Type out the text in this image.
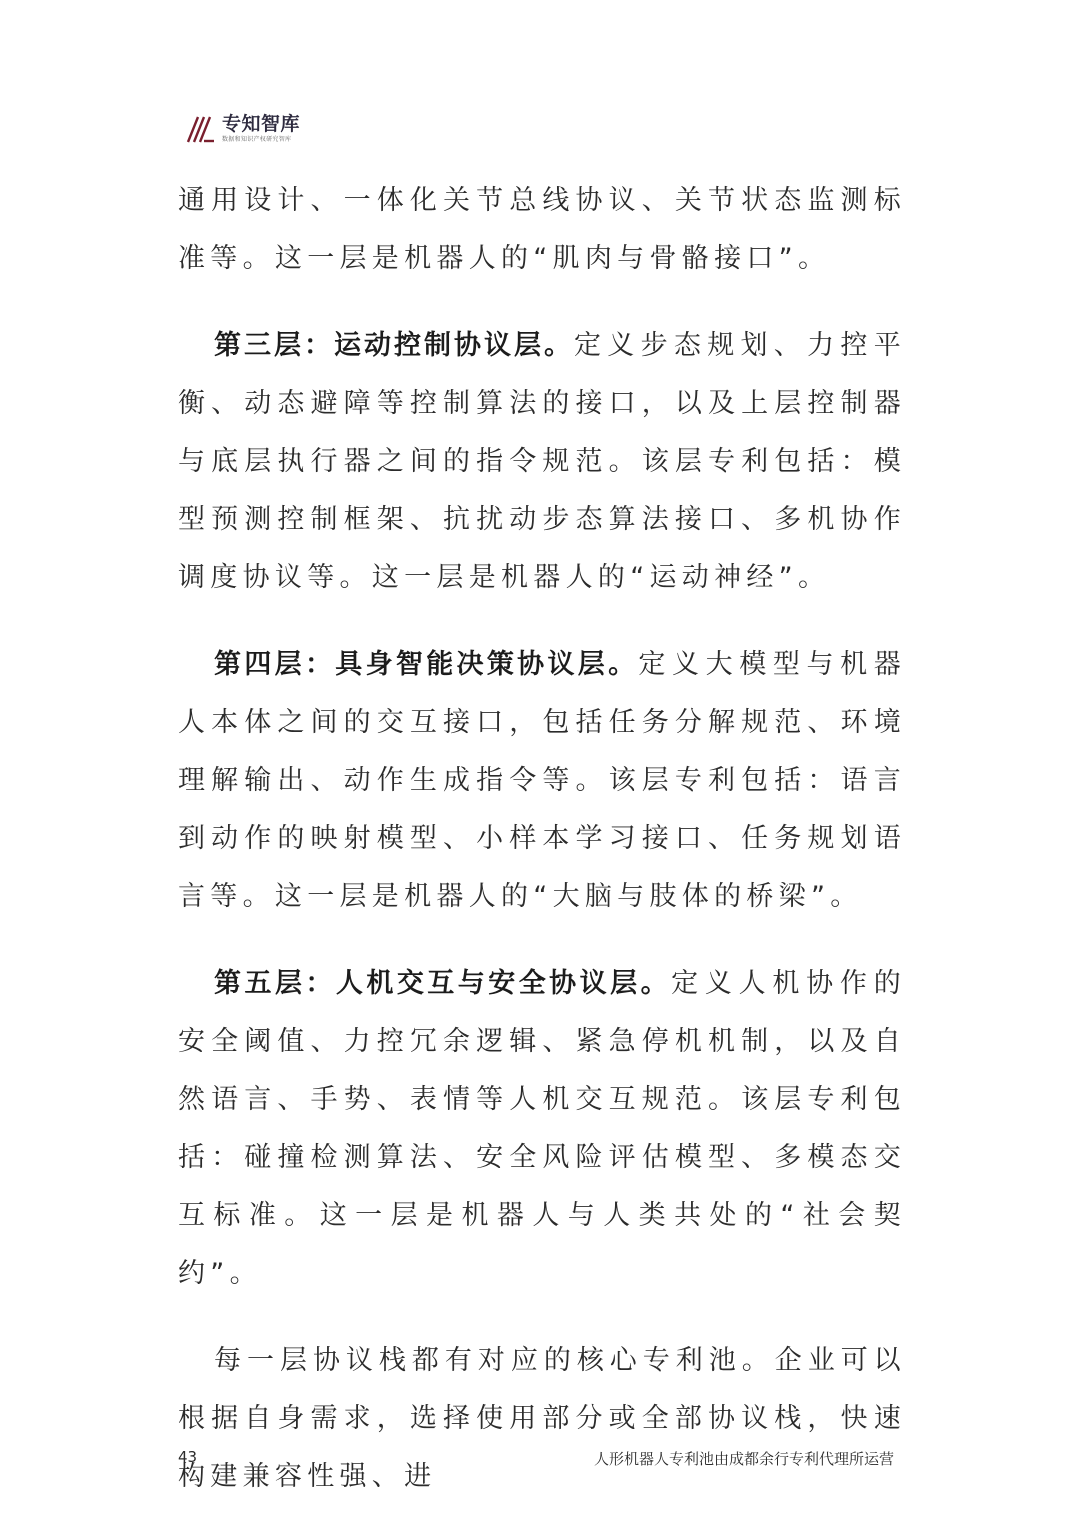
专知智库
数据和知识产权研究智库

通用设计、一体化关节总线协议、关节状态监测标准等。这一层是机器人的“肌肉与骨骼接口”。

第三层：运动控制协议层。定义步态规划、力控平衡、动态避障等控制算法的接口，以及上层控制器与底层执行器之间的指令规范。该层专利包括：模型预测控制框架、抗扰动步态算法接口、多机协作调度协议等。这一层是机器人的“运动神经”。

第四层：具身智能决策协议层。定义大模型与机器人本体之间的交互接口，包括任务分解规范、环境理解输出、动作生成指令等。该层专利包括：语言到动作的映射模型、小样本学习接口、任务规划语言等。这一层是机器人的“大脑与肢体的桥梁”。

第五层：人机交互与安全协议层。定义人机协作的安全阈值、力控冗余逻辑、紧急停机机制，以及自然语言、手势、表情等人机交互规范。该层专利包括：碰撞检测算法、安全风险评估模型、多模态交互标准。这一层是机器人与人类共处的“社会契约”。

每一层协议栈都有对应的核心专利池。企业可以根据自身需求，选择使用部分或全部协议栈，快速构建兼容性强、进

43	人形机器人专利池由成都余行专利代理所运营
